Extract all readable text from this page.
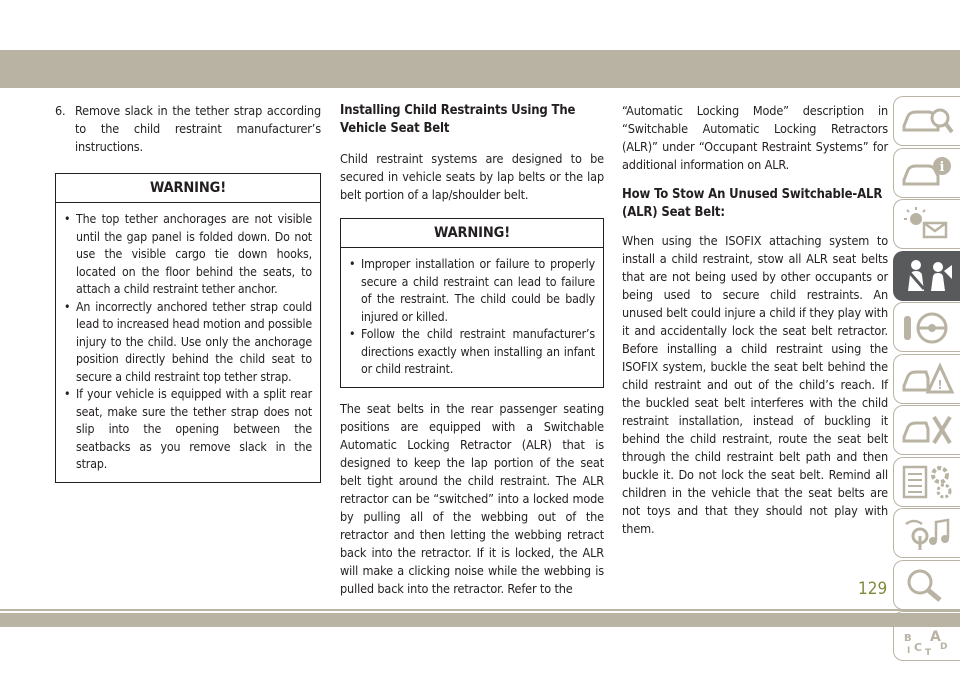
6. Remove slack in the tether strap according to the child restraint manufacturer’s instructions.
WARNING!
• The top tether anchorages are not visible until the gap panel is folded down. Do not use the visible cargo tie down hooks, located on the floor behind the seats, to attach a child restraint tether anchor.
• An incorrectly anchored tether strap could lead to increased head motion and possible injury to the child. Use only the anchorage position directly behind the child seat to secure a child restraint top tether strap.
• If your vehicle is equipped with a split rear seat, make sure the tether strap does not slip into the opening between the seatbacks as you remove slack in the strap.
Installing Child Restraints Using The Vehicle Seat Belt

Child restraint systems are designed to be secured in vehicle seats by lap belts or the lap belt portion of a lap/shoulder belt.

WARNING!
• Improper installation or failure to properly secure a child restraint can lead to failure of the restraint. The child could be badly injured or killed.
• Follow the child restraint manufacturer’s directions exactly when installing an infant or child restraint.

The seat belts in the rear passenger seating positions are equipped with a Switchable Automatic Locking Retractor (ALR) that is designed to keep the lap portion of the seat belt tight around the child restraint. The ALR retractor can be “switched” into a locked mode by pulling all of the webbing out of the retractor and then letting the webbing retract back into the retractor. If it is locked, the ALR will make a clicking noise while the webbing is pulled back into the retractor. Refer to the

“Automatic Locking Mode” description in “Switchable Automatic Locking Retractors (ALR)” under “Occupant Restraint Systems” for additional information on ALR.

How To Stow An Unused Switchable-ALR (ALR) Seat Belt:

When using the ISOFIX attaching system to install a child restraint, stow all ALR seat belts that are not being used by other occupants or being used to secure child restraints. An unused belt could injure a child if they play with it and accidentally lock the seat belt retractor. Before installing a child restraint using the ISOFIX system, buckle the seat belt behind the child restraint and out of the child’s reach. If the buckled seat belt interferes with the child restraint installation, instead of buckling it behind the child restraint, route the seat belt through the child restraint belt path and then buckle it. Do not lock the seat belt. Remind all children in the vehicle that the seat belts are not toys and that they should not play with them.

i
!
B A
C D
I T
129
